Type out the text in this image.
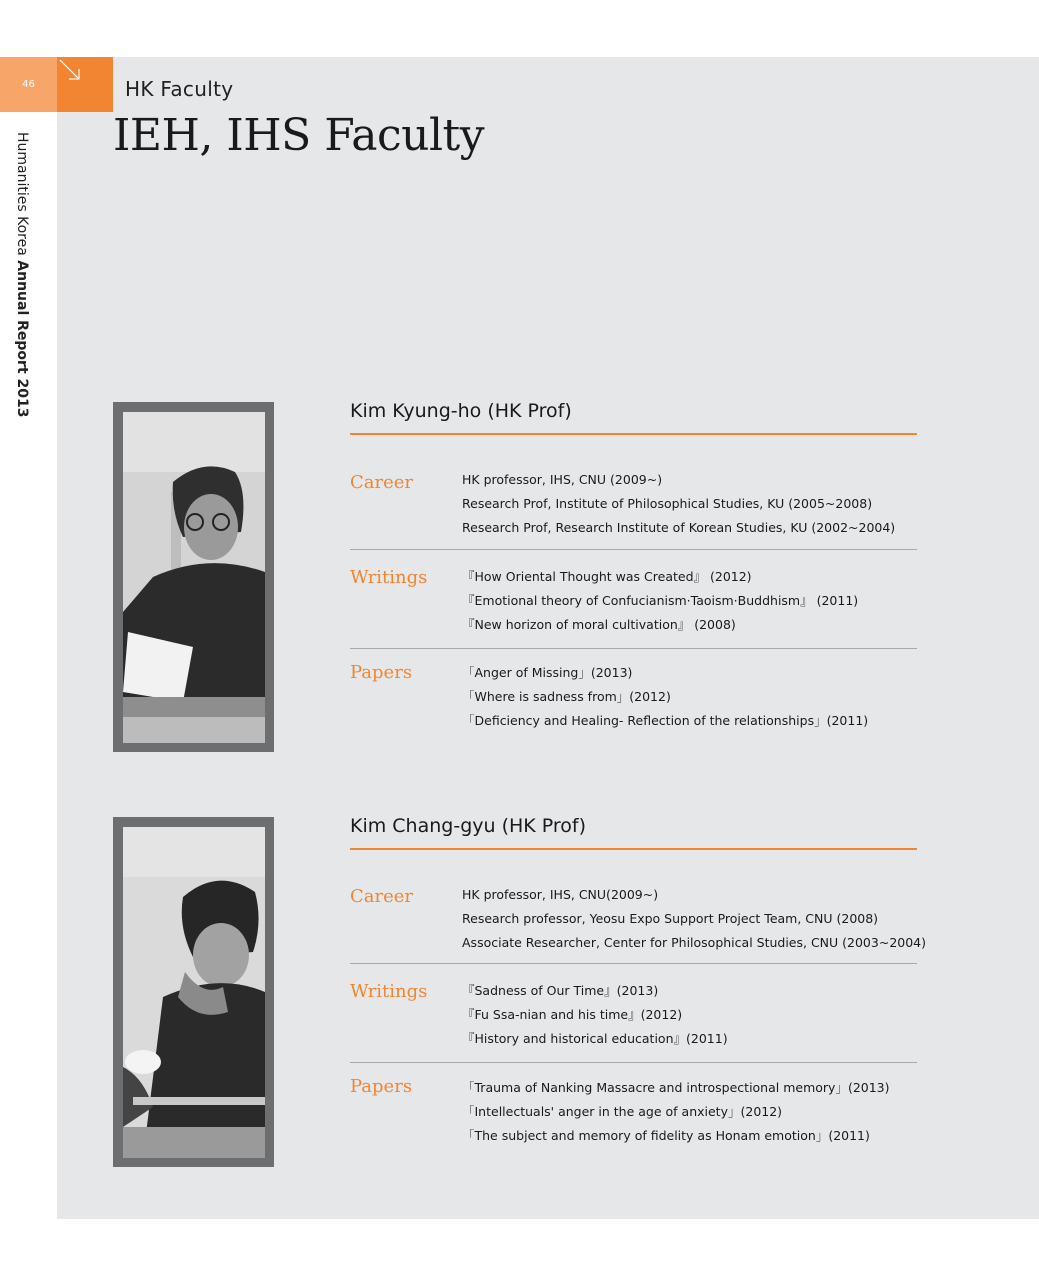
46	HK Faculty
IEH, IHS Faculty
Humanities Korea Annual Report 2013	Kim Kyung-ho (HK Prof)
Career	HK professor, IHS, CNU (2009~)
Research Prof, Institute of Philosophical Studies, KU (2005~2008)
Research Prof, Research Institute of Korean Studies, KU (2002~2004)
Writings	『How Oriental Thought was Created』 (2012)
『Emotional theory of Confucianism·Taoism·Buddhism』 (2011)
『New horizon of moral cultivation』 (2008)
Papers	「Anger of Missing」(2013)
「Where is sadness from」(2012)
「Deficiency and Healing- Reflection of the relationships」(2011)
Kim Chang-gyu (HK Prof)
Career	HK professor, IHS, CNU(2009~)
Research professor, Yeosu Expo Support Project Team, CNU (2008)
Associate Researcher, Center for Philosophical Studies, CNU (2003~2004)
Writings	『Sadness of Our Time』(2013)
『Fu Ssa-nian and his time』(2012)
『History and historical education』(2011)
Papers	「Trauma of Nanking Massacre and introspectional memory」(2013)
「Intellectuals' anger in the age of anxiety」(2012)
「The subject and memory of fidelity as Honam emotion」(2011)
